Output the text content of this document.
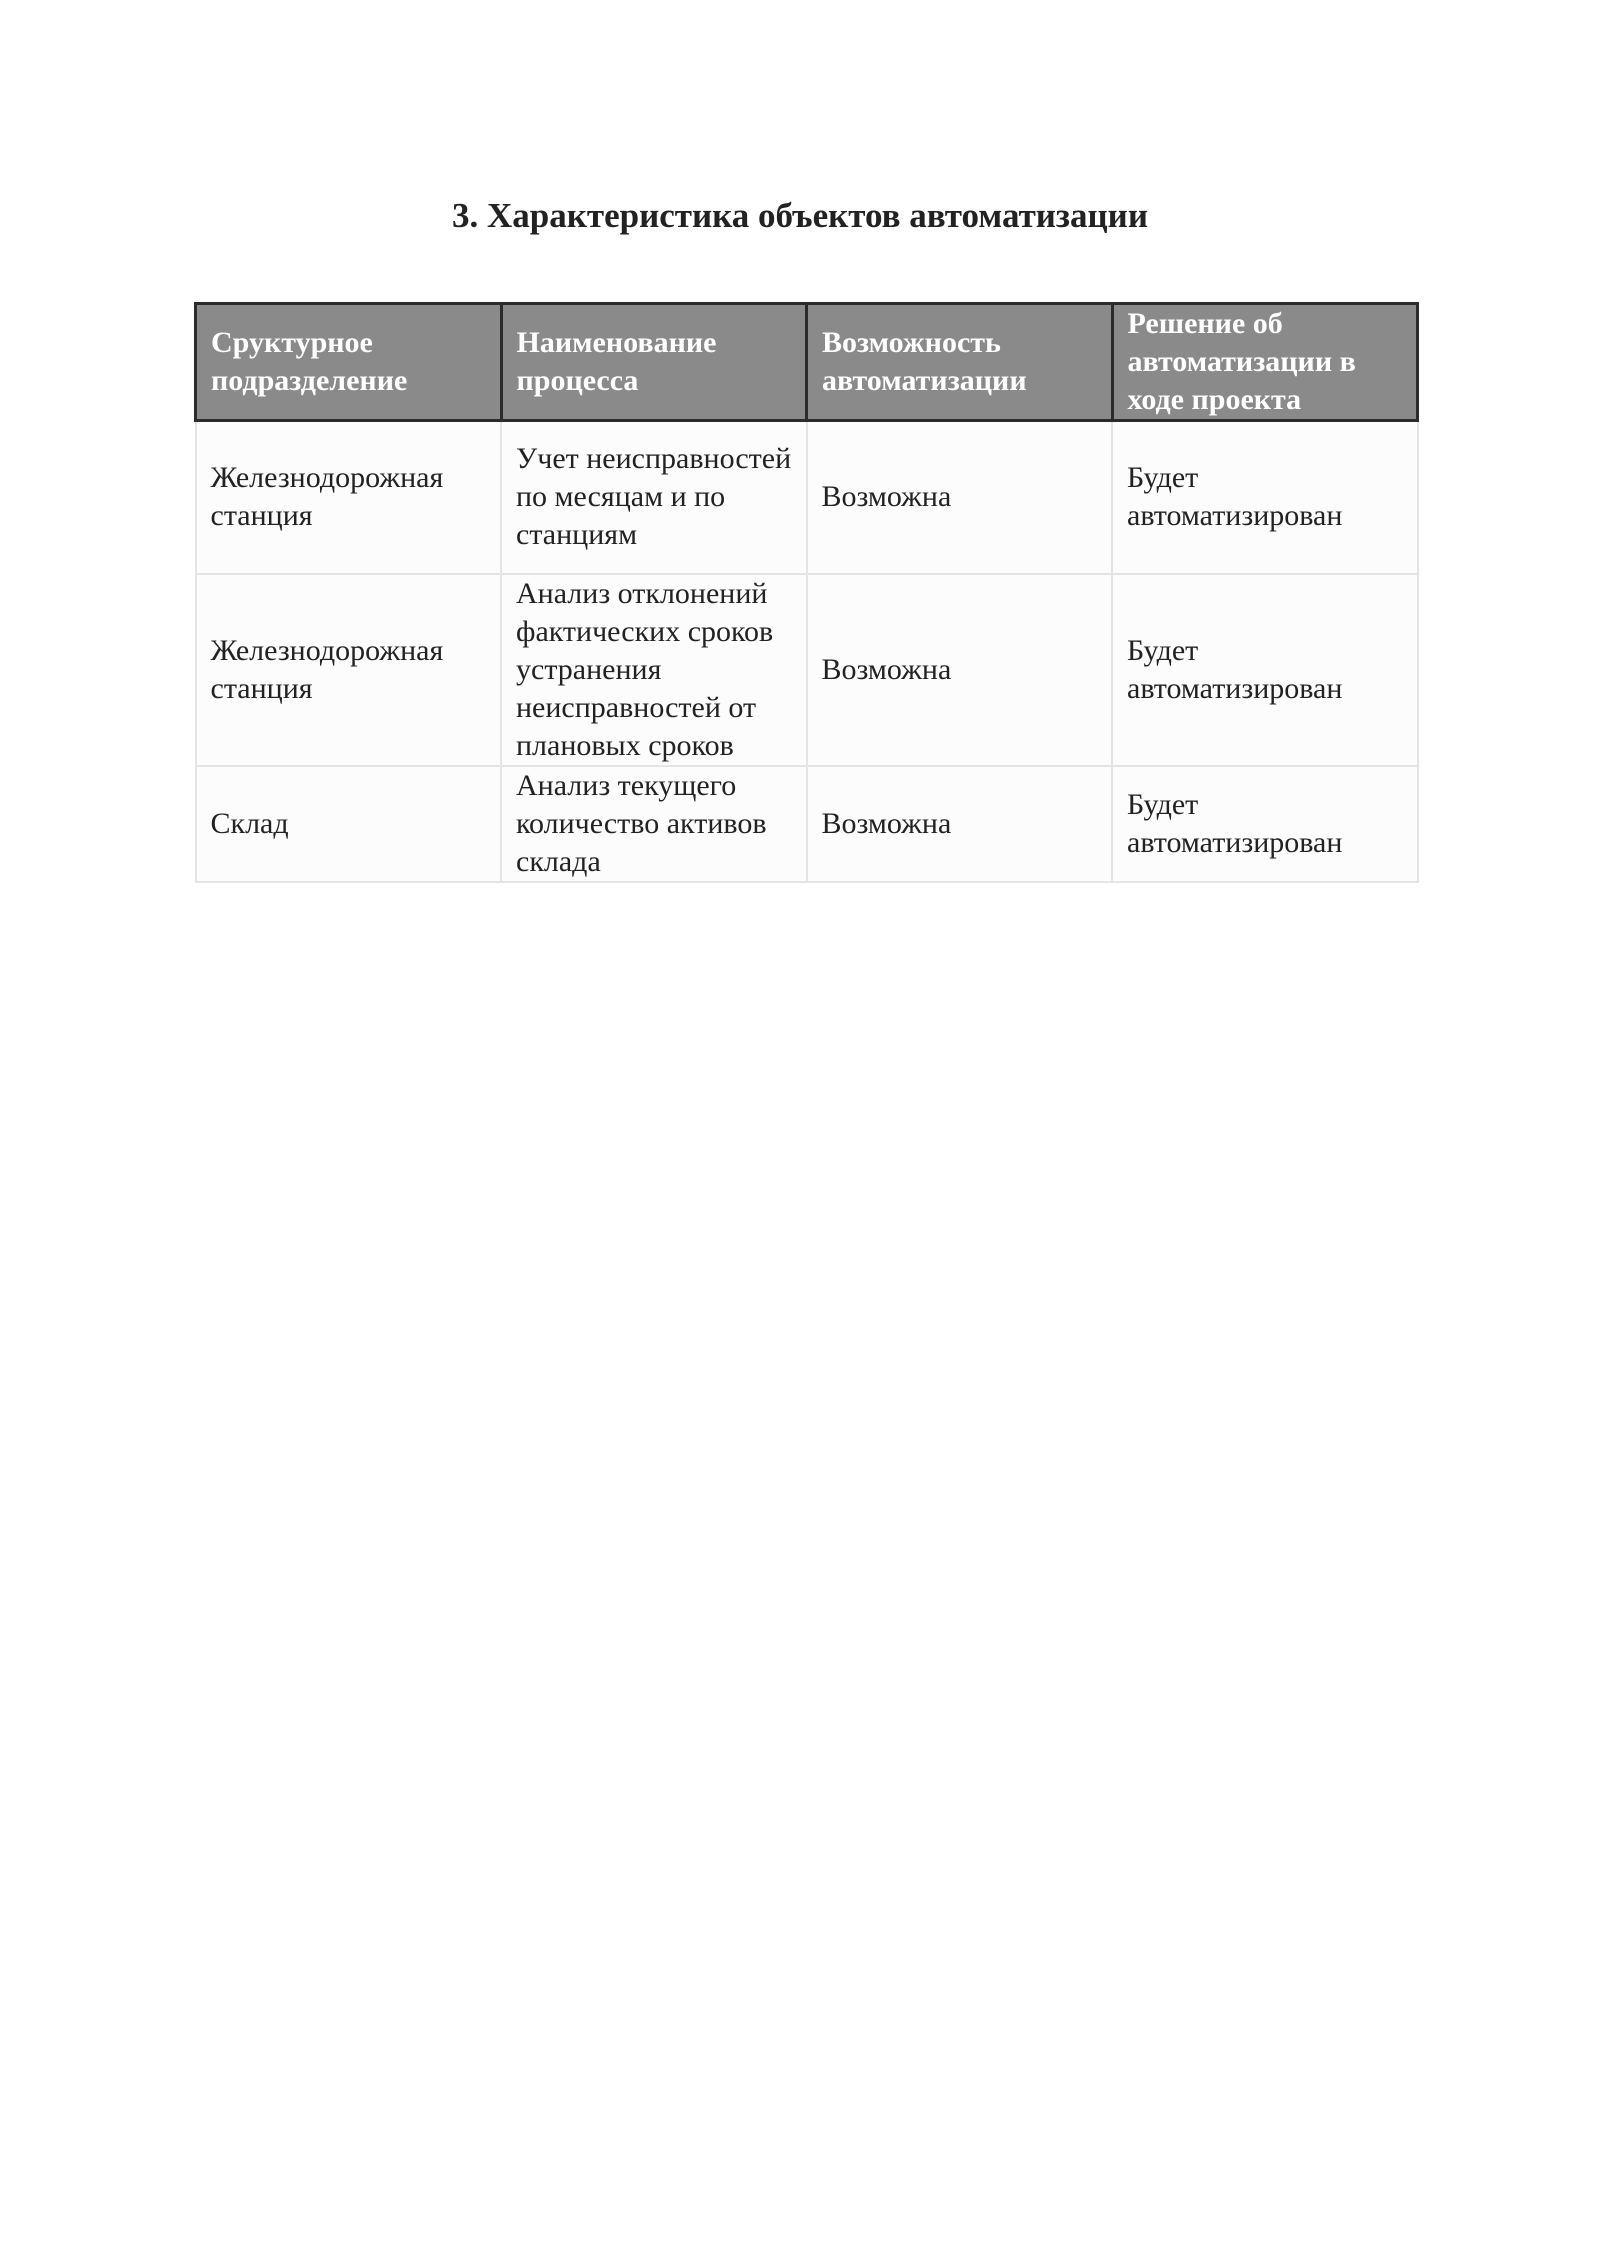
3. Характеристика объектов автоматизации
Сруктурное подразделение	Наименование процесса	Возможность автоматизации	Решение об автоматизации в ходе проекта
Железнодорожная станция	Учет неисправностей по месяцам и по станциям	Возможна	Будет автоматизирован
Железнодорожная станция	Анализ отклонений фактических сроков устранения неисправностей от плановых сроков	Возможна	Будет автоматизирован
Склад	Анализ текущего количество активов склада	Возможна	Будет автоматизирован
